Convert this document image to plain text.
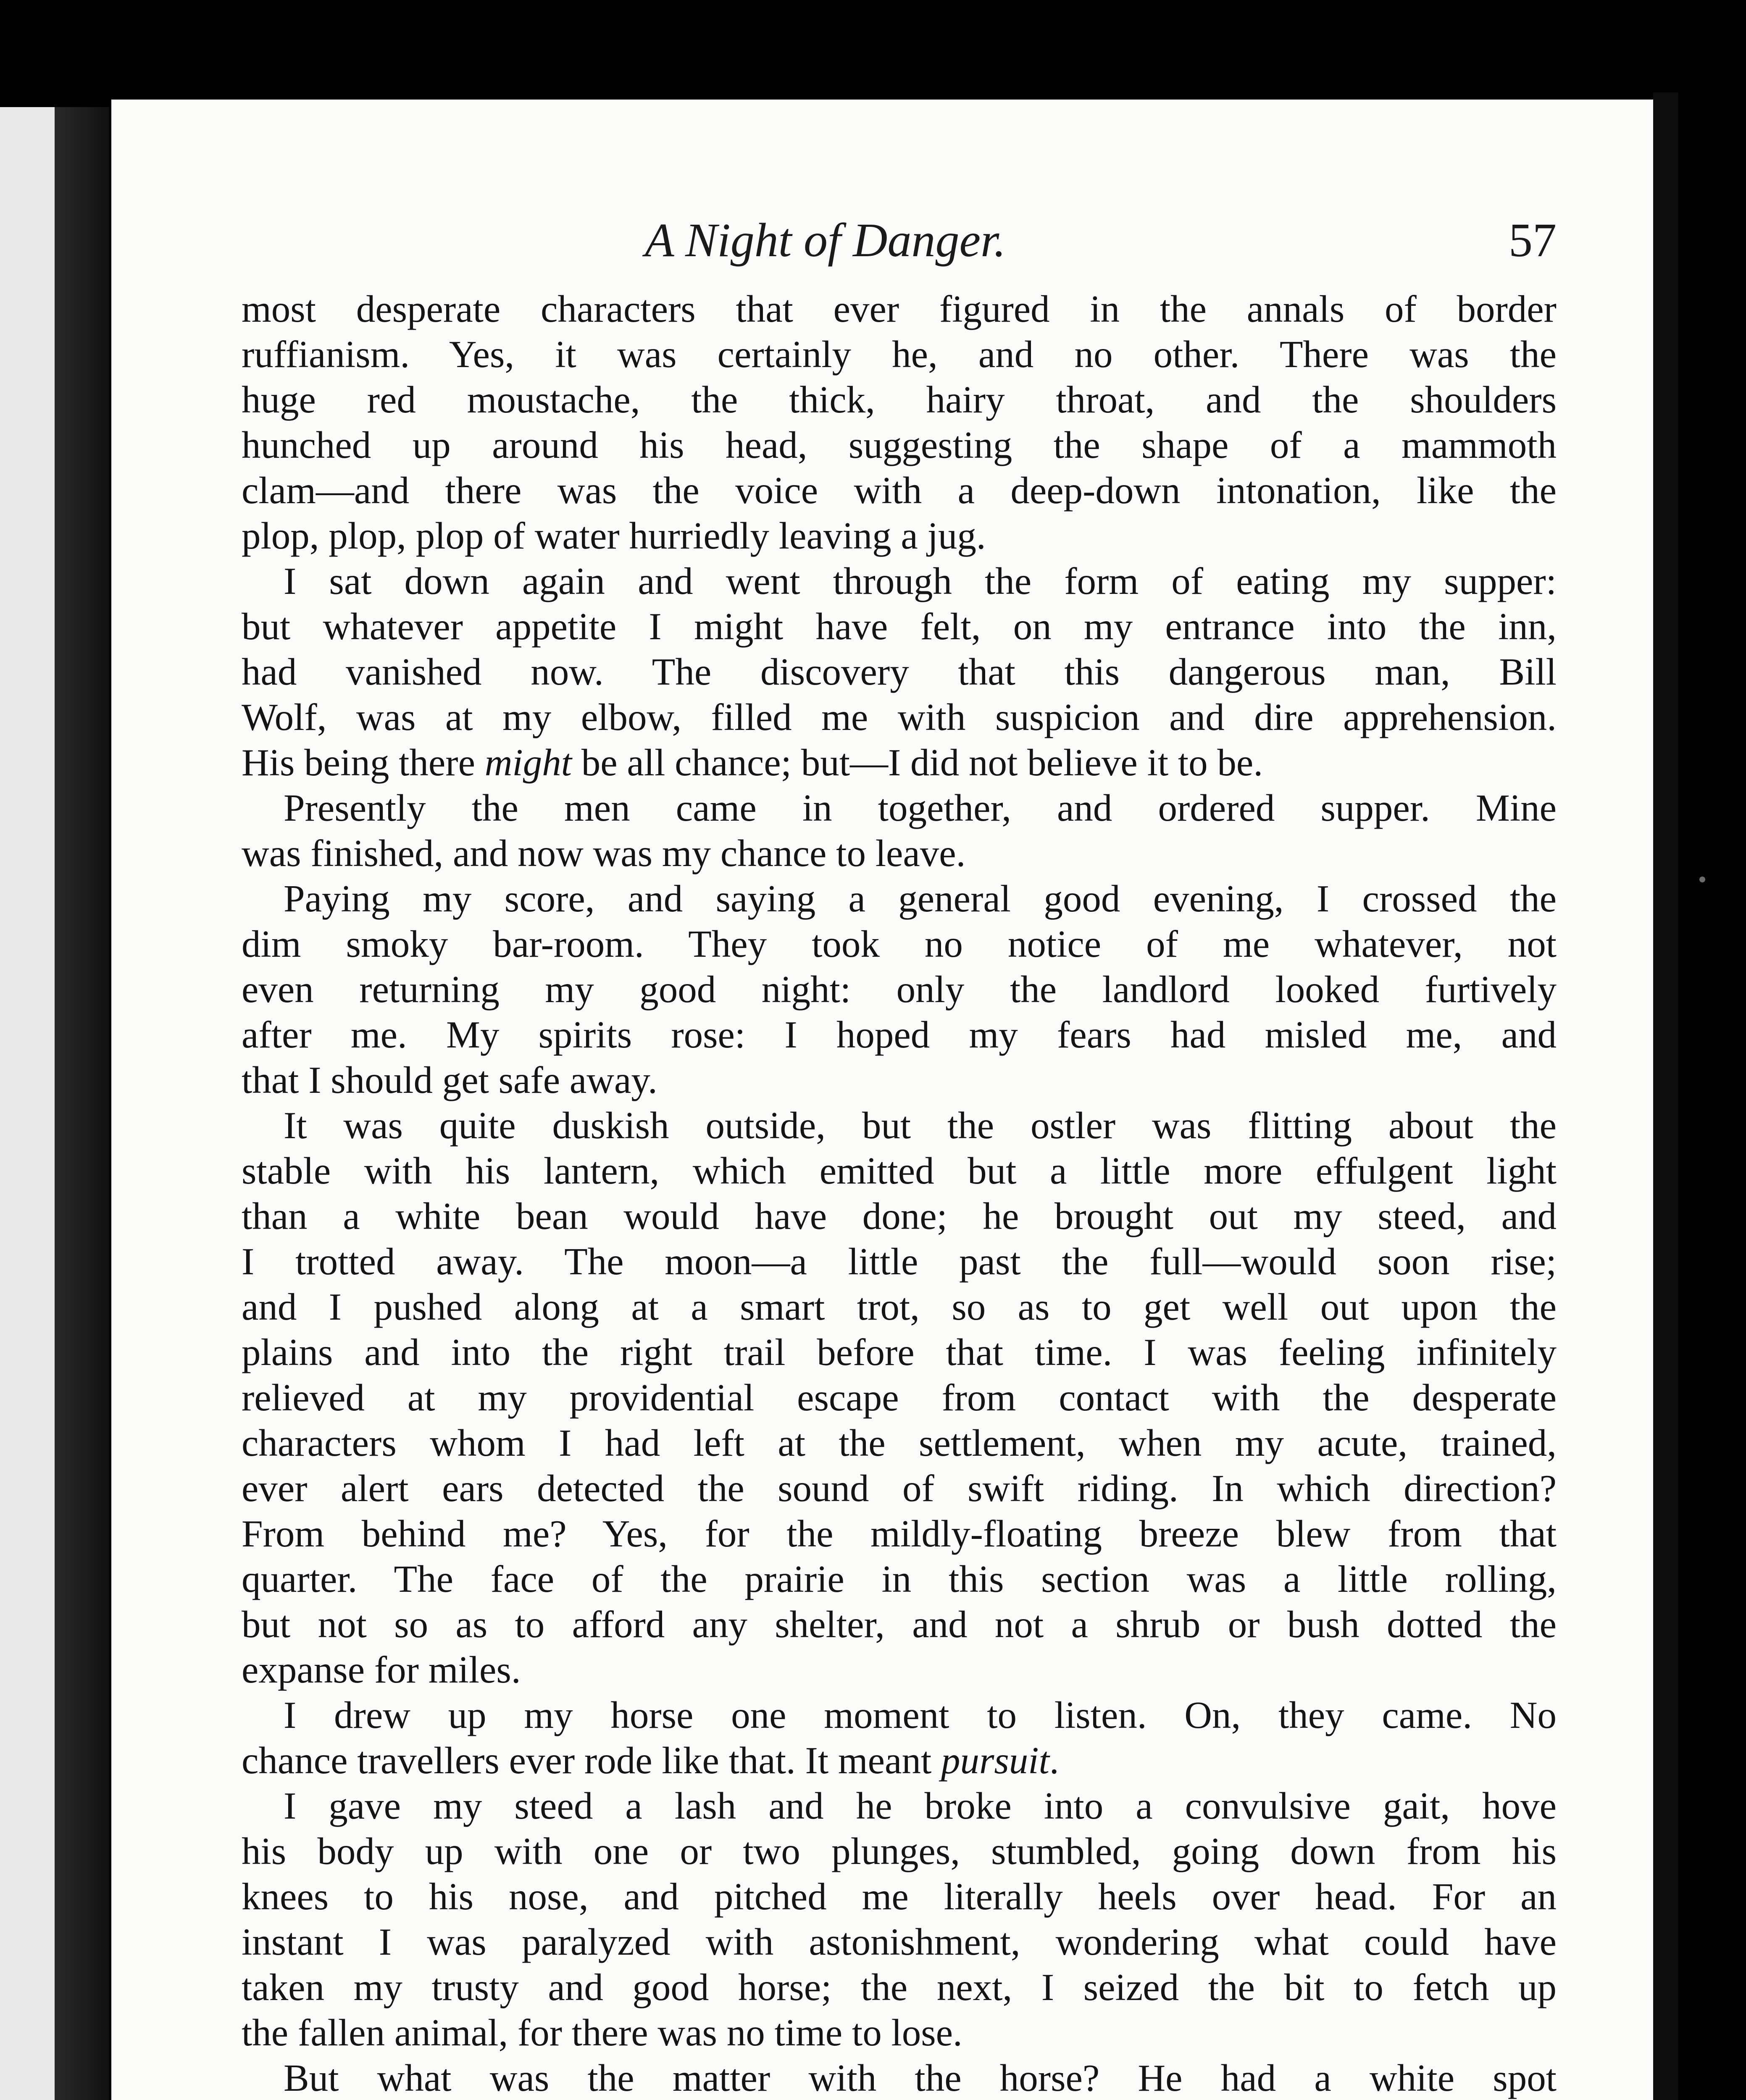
A Night of Danger.	57
most desperate characters that ever figured in the annals of border
ruffianism. Yes, it was certainly he, and no other. There was the
huge red moustache, the thick, hairy throat, and the shoulders
hunched up around his head, suggesting the shape of a mammoth
clam—and there was the voice with a deep-down intonation, like the
plop, plop, plop of water hurriedly leaving a jug.
I sat down again and went through the form of eating my supper:
but whatever appetite I might have felt, on my entrance into the inn,
had vanished now. The discovery that this dangerous man, Bill
Wolf, was at my elbow, filled me with suspicion and dire apprehension.
His being there might be all chance; but—I did not believe it to be.
Presently the men came in together, and ordered supper. Mine
was finished, and now was my chance to leave.
Paying my score, and saying a general good evening, I crossed the
dim smoky bar-room. They took no notice of me whatever, not
even returning my good night: only the landlord looked furtively
after me. My spirits rose: I hoped my fears had misled me, and
that I should get safe away.
It was quite duskish outside, but the ostler was flitting about the
stable with his lantern, which emitted but a little more effulgent light
than a white bean would have done; he brought out my steed, and
I trotted away. The moon—a little past the full—would soon rise;
and I pushed along at a smart trot, so as to get well out upon the
plains and into the right trail before that time. I was feeling infinitely
relieved at my providential escape from contact with the desperate
characters whom I had left at the settlement, when my acute, trained,
ever alert ears detected the sound of swift riding. In which direction?
From behind me? Yes, for the mildly-floating breeze blew from that
quarter. The face of the prairie in this section was a little rolling,
but not so as to afford any shelter, and not a shrub or bush dotted the
expanse for miles.
I drew up my horse one moment to listen. On, they came. No
chance travellers ever rode like that. It meant pursuit.
I gave my steed a lash and he broke into a convulsive gait, hove
his body up with one or two plunges, stumbled, going down from his
knees to his nose, and pitched me literally heels over head. For an
instant I was paralyzed with astonishment, wondering what could have
taken my trusty and good horse; the next, I seized the bit to fetch up
the fallen animal, for there was no time to lose.
But what was the matter with the horse? He had a white spot
